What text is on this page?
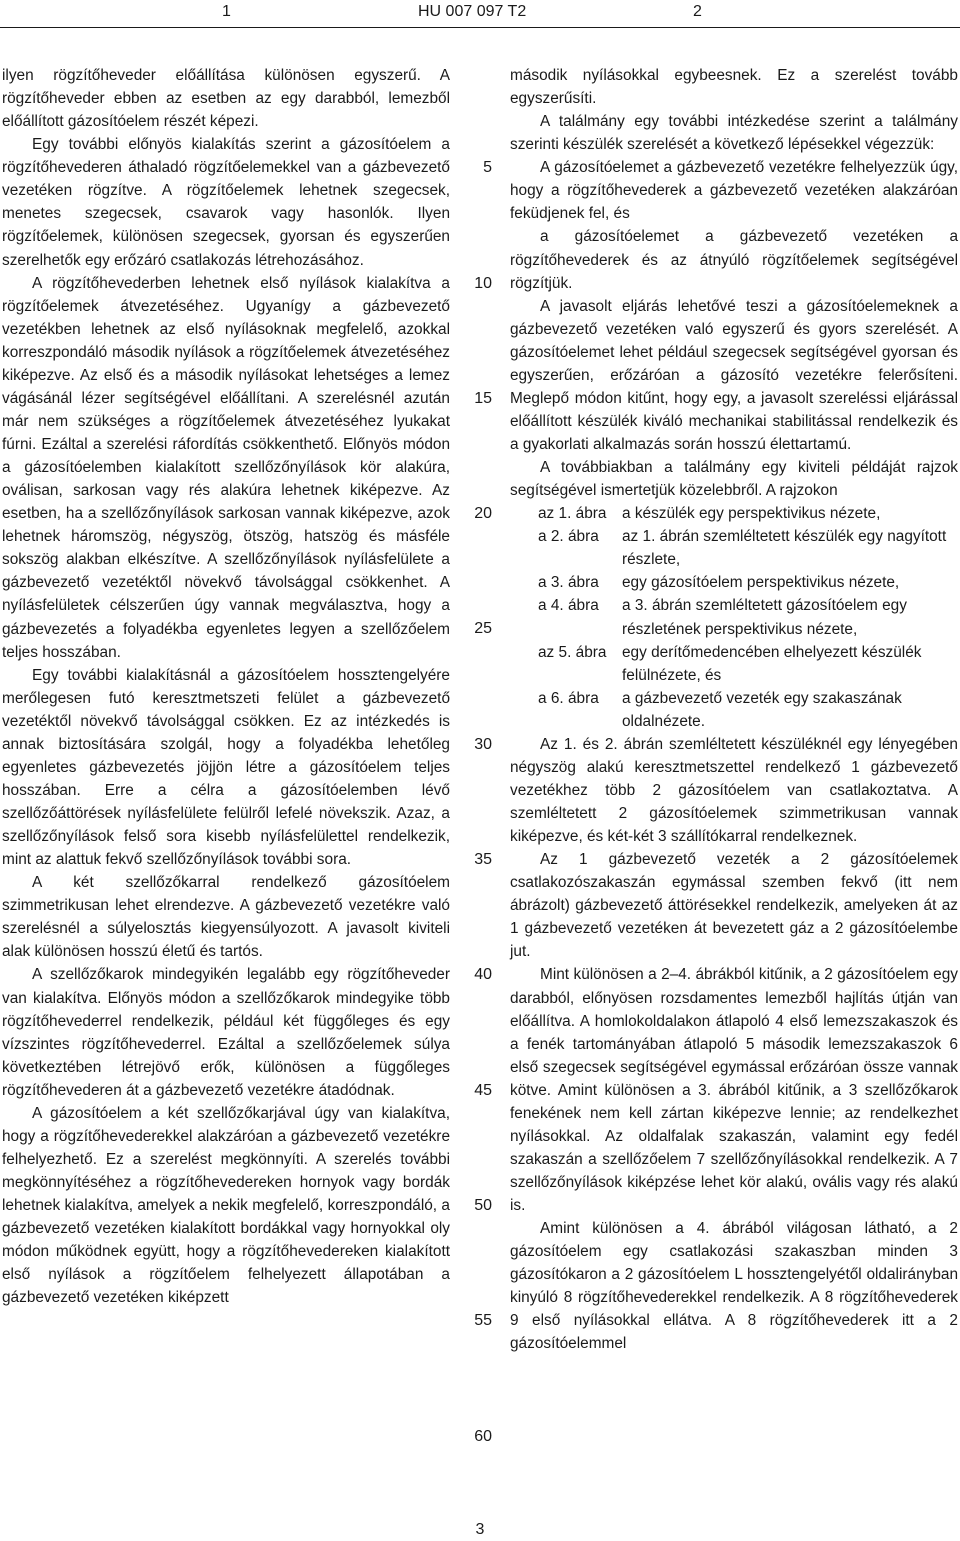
1	HU 007 097 T2	2

ilyen rögzítőheveder előállítása különösen egyszerű. A rögzítőheveder ebben az esetben az egy darabból, lemezből előállított gázosítóelem részét képezi.

Egy további előnyös kialakítás szerint a gázosítóelem a rögzítőhevederen áthaladó rögzítőelemekkel van a gázbevezető vezetéken rögzítve. A rögzítőelemek lehetnek szegecsek, menetes szegecsek, csavarok vagy hasonlók. Ilyen rögzítőelemek, különösen szegecsek, gyorsan és egyszerűen szerelhetők egy erőzáró csatlakozás létrehozásához.

A rögzítőhevederben lehetnek első nyílások kialakítva a rögzítőelemek átvezetéséhez. Ugyanígy a gázbevezető vezetékben lehetnek az első nyílásoknak megfelelő, azokkal korreszpondáló második nyílások a rögzítőelemek átvezetéséhez kiképezve. Az első és a második nyílásokat lehetséges a lemez vágásánál lézer segítségével előállítani. A szerelésnél azután már nem szükséges a rögzítőelemek átvezetéséhez lyukakat fúrni. Ezáltal a szerelési ráfordítás csökkenthető. Előnyös módon a gázosítóelemben kialakított szellőzőnyílások kör alakúra, oválisan, sarkosan vagy rés alakúra lehetnek kiképezve. Az esetben, ha a szellőzőnyílások sarkosan vannak kiképezve, azok lehetnek háromszög, négyszög, ötszög, hatszög és másféle sokszög alakban elkészítve. A szellőzőnyílások nyílásfelülete a gázbevezető vezetéktől növekvő távolsággal csökkenhet. A nyílásfelületek célszerűen úgy vannak megválasztva, hogy a gázbevezetés a folyadékba egyenletes legyen a szellőzőelem teljes hosszában.

Egy további kialakításnál a gázosítóelem hossztengelyére merőlegesen futó keresztmetszeti felület a gázbevezető vezetéktől növekvő távolsággal csökken. Ez az intézkedés is annak biztosítására szolgál, hogy a folyadékba lehetőleg egyenletes gázbevezetés jöjjön létre a gázosítóelem teljes hosszában. Erre a célra a gázosítóelemben lévő szellőzőáttörések nyílásfelülete felülről lefelé növekszik. Azaz, a szellőzőnyílások felső sora kisebb nyílásfelülettel rendelkezik, mint az alattuk fekvő szellőzőnyílások további sora.

A két szellőzőkarral rendelkező gázosítóelem szimmetrikusan lehet elrendezve. A gázbevezető vezetékre való szerelésnél a súlyelosztás kiegyensúlyozott. A javasolt kiviteli alak különösen hosszú életű és tartós.

A szellőzőkarok mindegyikén legalább egy rögzítőheveder van kialakítva. Előnyös módon a szellőzőkarok mindegyike több rögzítőhevederrel rendelkezik, például két függőleges és egy vízszintes rögzítőhevederrel. Ezáltal a szellőzőelemek súlya következtében létrejövő erők, különösen a függőleges rögzítőhevederen át a gázbevezető vezetékre átadódnak.

A gázosítóelem a két szellőzőkarjával úgy van kialakítva, hogy a rögzítőhevederekkel alakzáróan a gázbevezető vezetékre felhelyezhető. Ez a szerelést megkönnyíti. A szerelés további megkönnyítéséhez a rögzítőhevedereken hornyok vagy bordák lehetnek kialakítva, amelyek a nekik megfelelő, korreszpondáló, a gázbevezető vezetéken kialakított bordákkal vagy hornyokkal oly módon működnek együtt, hogy a rögzítőhevedereken kialakított első nyílások a rögzítőelem felhelyezett állapotában a gázbevezető vezetéken kiképzett

5
10
15
20
25
30
35
40
45
50
55
60

második nyílásokkal egybeesnek. Ez a szerelést tovább egyszerűsíti.

A találmány egy további intézkedése szerint a találmány szerinti készülék szerelését a következő lépésekkel végezzük:

A gázosítóelemet a gázbevezető vezetékre felhelyezzük úgy, hogy a rögzítőhevederek a gázbevezető vezetéken alakzáróan feküdjenek fel, és

a gázosítóelemet a gázbevezető vezetéken a rögzítőhevederek és az átnyúló rögzítőelemek segítségével rögzítjük.

A javasolt eljárás lehetővé teszi a gázosítóelemeknek a gázbevezető vezetéken való egyszerű és gyors szerelését. A gázosítóelemet lehet például szegecsek segítségével gyorsan és egyszerűen, erőzáróan a gázosító vezetékre felerősíteni. Meglepő módon kitűnt, hogy egy, a javasolt szereléssi eljárással előállított készülék kiváló mechanikai stabilitással rendelkezik és a gyakorlati alkalmazás során hosszú élettartamú.

A továbbiakban a találmány egy kiviteli példáját rajzok segítségével ismertetjük közelebbről. A rajzokon

az 1. ábra	a készülék egy perspektivikus nézete,
a 2. ábra	az 1. ábrán szemléltetett készülék egy nagyított részlete,
a 3. ábra	egy gázosítóelem perspektivikus nézete,
a 4. ábra	a 3. ábrán szemléltetett gázosítóelem egy részletének perspektivikus nézete,
az 5. ábra	egy derítőmedencében elhelyezett készülék felülnézete, és
a 6. ábra	a gázbevezető vezeték egy szakaszának oldalnézete.

Az 1. és 2. ábrán szemléltetett készüléknél egy lényegében négyszög alakú keresztmetszettel rendelkező 1 gázbevezető vezetékhez több 2 gázosítóelem van csatlakoztatva. A szemléltetett 2 gázosítóelemek szimmetrikusan vannak kiképezve, és két-két 3 szállítókarral rendelkeznek.

Az 1 gázbevezető vezeték a 2 gázosítóelemek csatlakozószakaszán egymással szemben fekvő (itt nem ábrázolt) gázbevezető áttörésekkel rendelkezik, amelyeken át az 1 gázbevezető vezetéken át bevezetett gáz a 2 gázosítóelembe jut.

Mint különösen a 2–4. ábrákból kitűnik, a 2 gázosítóelem egy darabból, előnyösen rozsdamentes lemezből hajlítás útján van előállítva. A homlokoldalakon átlapoló 4 első lemezszakaszok és a fenék tartományában átlapoló 5 második lemezszakaszok 6 első szegecsek segítségével egymással erőzáróan össze vannak kötve. Amint különösen a 3. ábrából kitűnik, a 3 szellőzőkarok fenekének nem kell zártan kiképezve lennie; az rendelkezhet nyílásokkal. Az oldalfalak szakaszán, valamint egy fedél szakaszán a szellőzőelem 7 szellőzőnyílásokkal rendelkezik. A 7 szellőzőnyílások kiképzése lehet kör alakú, ovális vagy rés alakú is.

Amint különösen a 4. ábrából világosan látható, a 2 gázosítóelem egy csatlakozási szakaszban minden 3 gázosítókaron a 2 gázosítóelem L hossztengelyétől oldalirányban kinyúló 8 rögzítőhevederekkel rendelkezik. A 8 rögzítőhevederek 9 első nyílásokkal ellátva. A 8 rögzítőhevederek itt a 2 gázosítóelemmel

3
